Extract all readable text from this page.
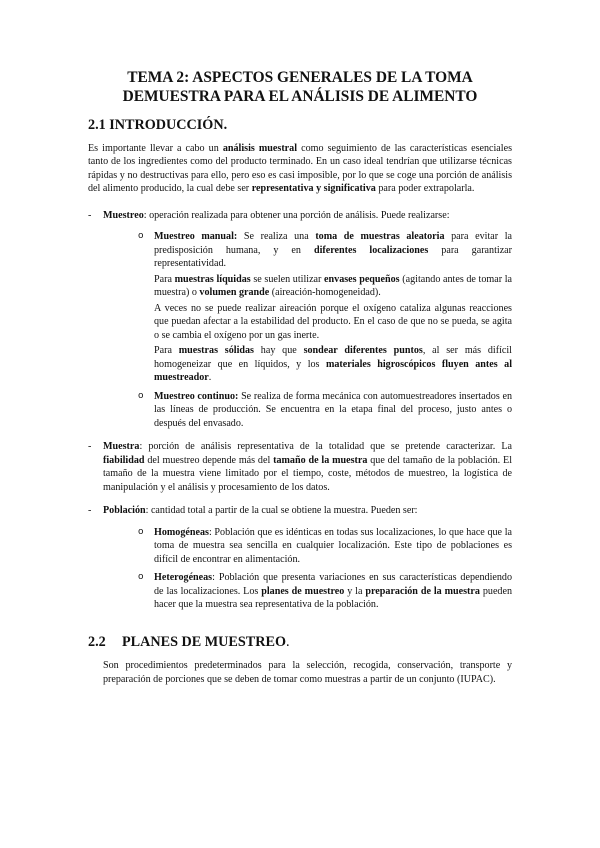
TEMA 2: ASPECTOS GENERALES DE LA TOMA DEMUESTRA PARA EL ANÁLISIS DE ALIMENTO
2.1 INTRODUCCIÓN.

Es importante llevar a cabo un análisis muestral como seguimiento de las características esenciales tanto de los ingredientes como del producto terminado. En un caso ideal tendrían que utilizarse técnicas rápidas y no destructivas para ello, pero eso es casi imposible, por lo que se coge una porción de análisis del alimento producido, la cual debe ser representativa y significativa para poder extrapolarla.

- Muestreo: operación realizada para obtener una porción de análisis. Puede realizarse:

o Muestreo manual: Se realiza una toma de muestras aleatoria para evitar la predisposición humana, y en diferentes localizaciones para garantizar representatividad.

Para muestras líquidas se suelen utilizar envases pequeños (agitando antes de tomar la muestra) o volumen grande (aireación-homogeneidad).

A veces no se puede realizar aireación porque el oxígeno cataliza algunas reacciones que puedan afectar a la estabilidad del producto. En el caso de que no se pueda, se agita o se cambia el oxígeno por un gas inerte.

Para muestras sólidas hay que sondear diferentes puntos, al ser más difícil homogeneizar que en líquidos, y los materiales higroscópicos fluyen antes al muestreador.

o Muestreo continuo: Se realiza de forma mecánica con automuestreadores insertados en las líneas de producción. Se encuentra en la etapa final del proceso, justo antes o después del envasado.

- Muestra: porción de análisis representativa de la totalidad que se pretende caracterizar. La fiabilidad del muestreo depende más del tamaño de la muestra que del tamaño de la población. El tamaño de la muestra viene limitado por el tiempo, coste, métodos de muestreo, la logística de manipulación y el análisis y procesamiento de los datos.

- Población: cantidad total a partir de la cual se obtiene la muestra. Pueden ser:

o Homogéneas: Población que es idénticas en todas sus localizaciones, lo que hace que la toma de muestra sea sencilla en cualquier localización. Este tipo de poblaciones es difícil de encontrar en alimentación.

o Heterogéneas: Población que presenta variaciones en sus características dependiendo de las localizaciones. Los planes de muestreo y la preparación de la muestra pueden hacer que la muestra sea representativa de la población.

2.2	PLANES DE MUESTREO.

Son procedimientos predeterminados para la selección, recogida, conservación, transporte y preparación de porciones que se deben de tomar como muestras a partir de un conjunto (IUPAC).
